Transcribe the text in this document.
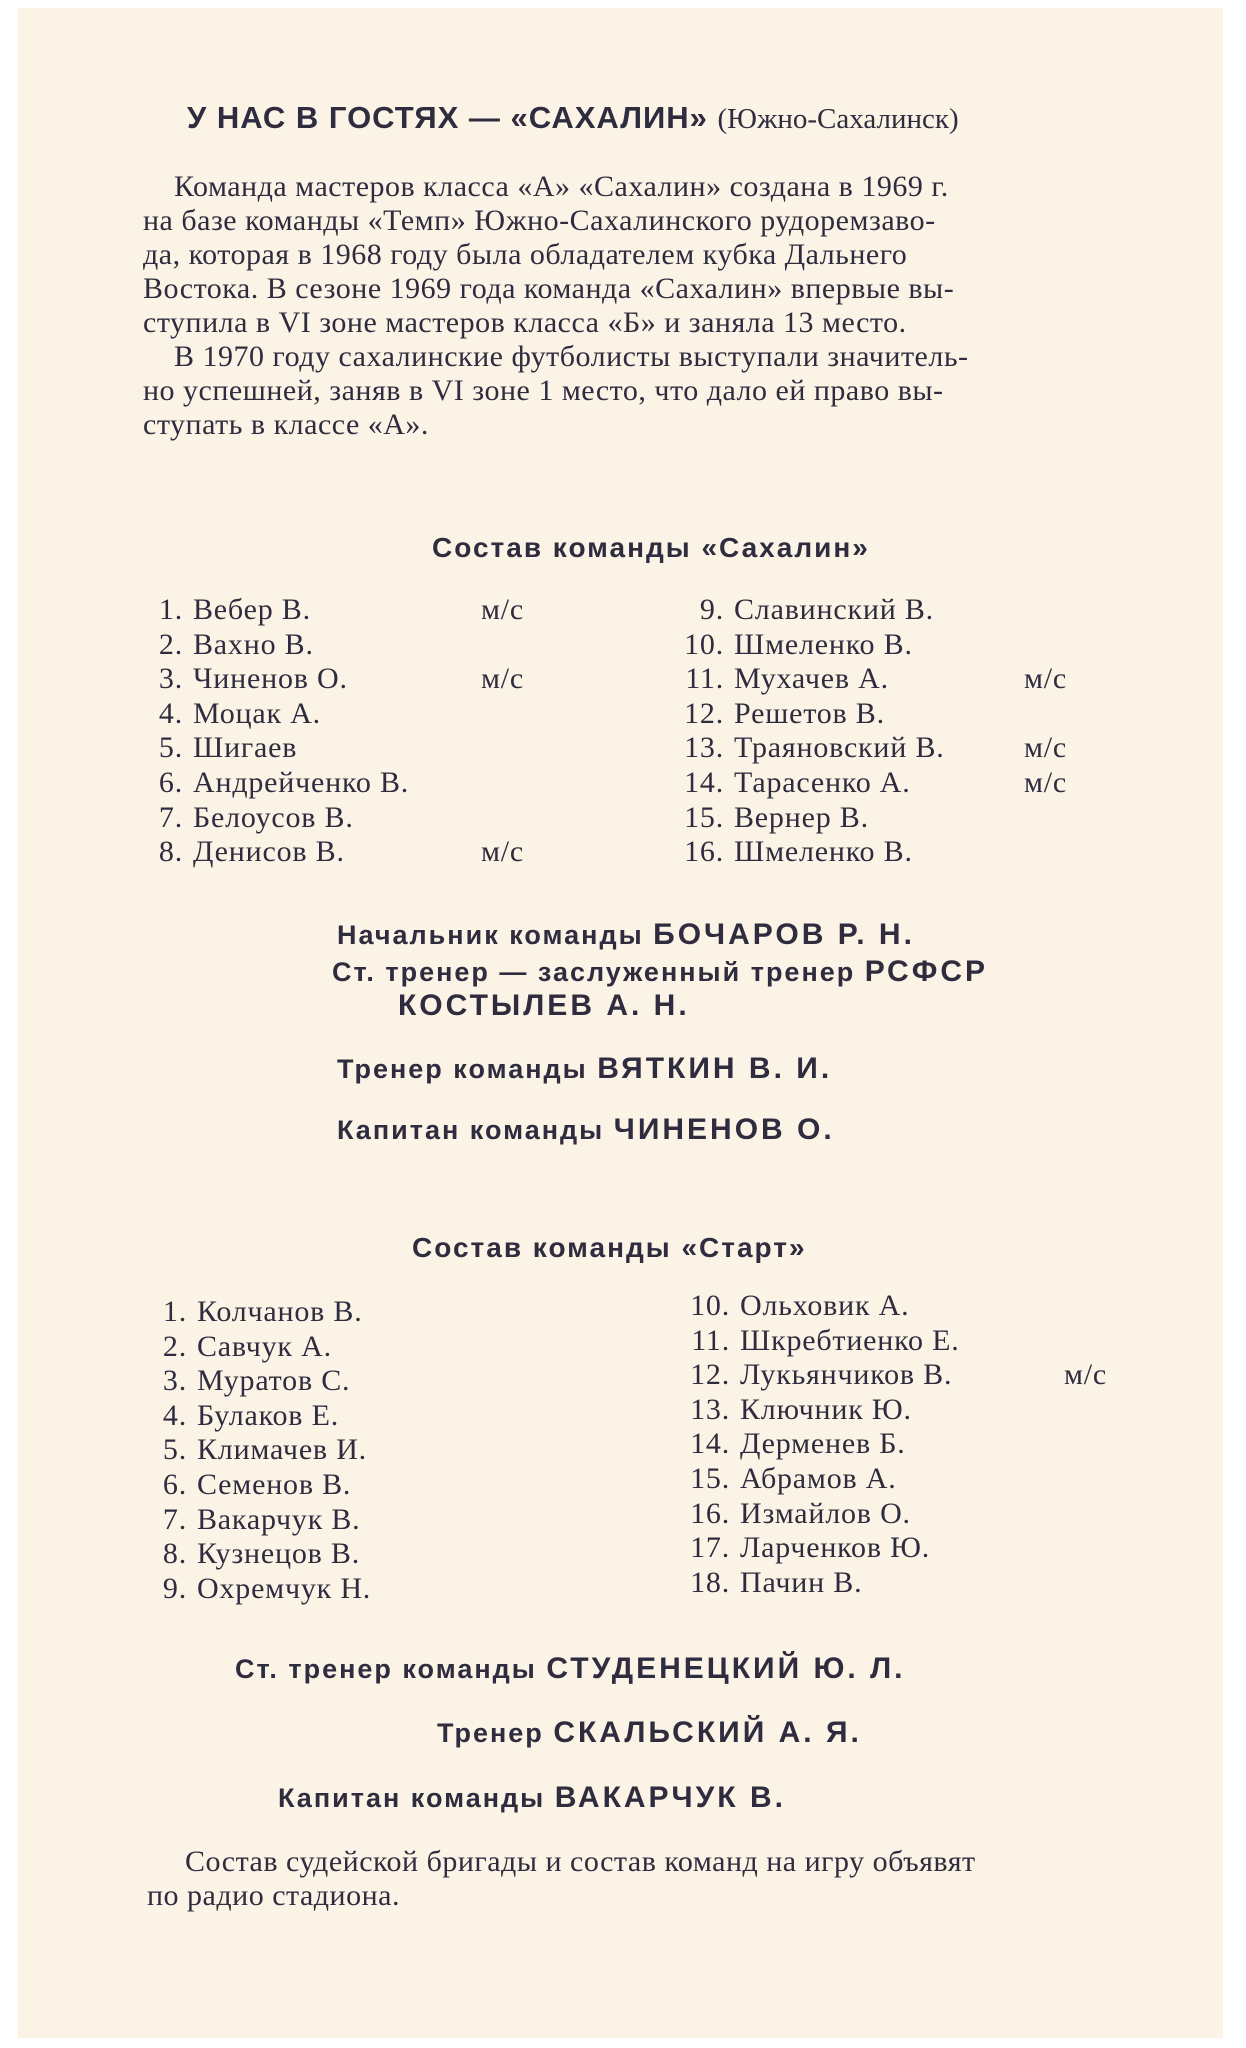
У НАС В ГОСТЯХ — «САХАЛИН» (Южно-Сахалинск)
Команда мастеров класса «А» «Сахалин» создана в 1969 г.
на базе команды «Темп» Южно-Сахалинского рудоремзаво-
да, которая в 1968 году была обладателем кубка Дальнего
Востока. В сезоне 1969 года команда «Сахалин» впервые вы-
ступила в VI зоне мастеров класса «Б» и заняла 13 место.
В 1970 году сахалинские футболисты выступали значитель-
но успешней, заняв в VI зоне 1 место, что дало ей право вы-
ступать в классе «А».
Состав команды «Сахалин»
1. Вебер В.	м/с
2. Вахно В.
3. Чиненов О.	м/с
4. Моцак А.
5. Шигаев
6. Андрейченко В.
7. Белоусов В.
8. Денисов В.	м/с
9. Славинский В.
10. Шмеленко В.
11. Мухачев А.	м/с
12. Решетов В.
13. Траяновский В.	м/с
14. Тарасенко А.	м/с
15. Вернер В.
16. Шмеленко В.
Начальник команды БОЧАРОВ Р. Н.
Ст. тренер — заслуженный тренер РСФСР
КОСТЫЛЕВ А. Н.
Тренер команды ВЯТКИН В. И.
Капитан команды ЧИНЕНОВ О.
Состав команды «Старт»
1. Колчанов В.
2. Савчук А.
3. Муратов С.
4. Булаков Е.
5. Климачев И.
6. Семенов В.
7. Вакарчук В.
8. Кузнецов В.
9. Охремчук Н.
10. Ольховик А.
11. Шкребтиенко Е.
12. Лукьянчиков В.	м/с
13. Ключник Ю.
14. Дерменев Б.
15. Абрамов А.
16. Измайлов О.
17. Ларченков Ю.
18. Пачин В.
Ст. тренер команды СТУДЕНЕЦКИЙ Ю. Л.
Тренер СКАЛЬСКИЙ А. Я.
Капитан команды ВАКАРЧУК В.
Состав судейской бригады и состав команд на игру объявят
по радио стадиона.
